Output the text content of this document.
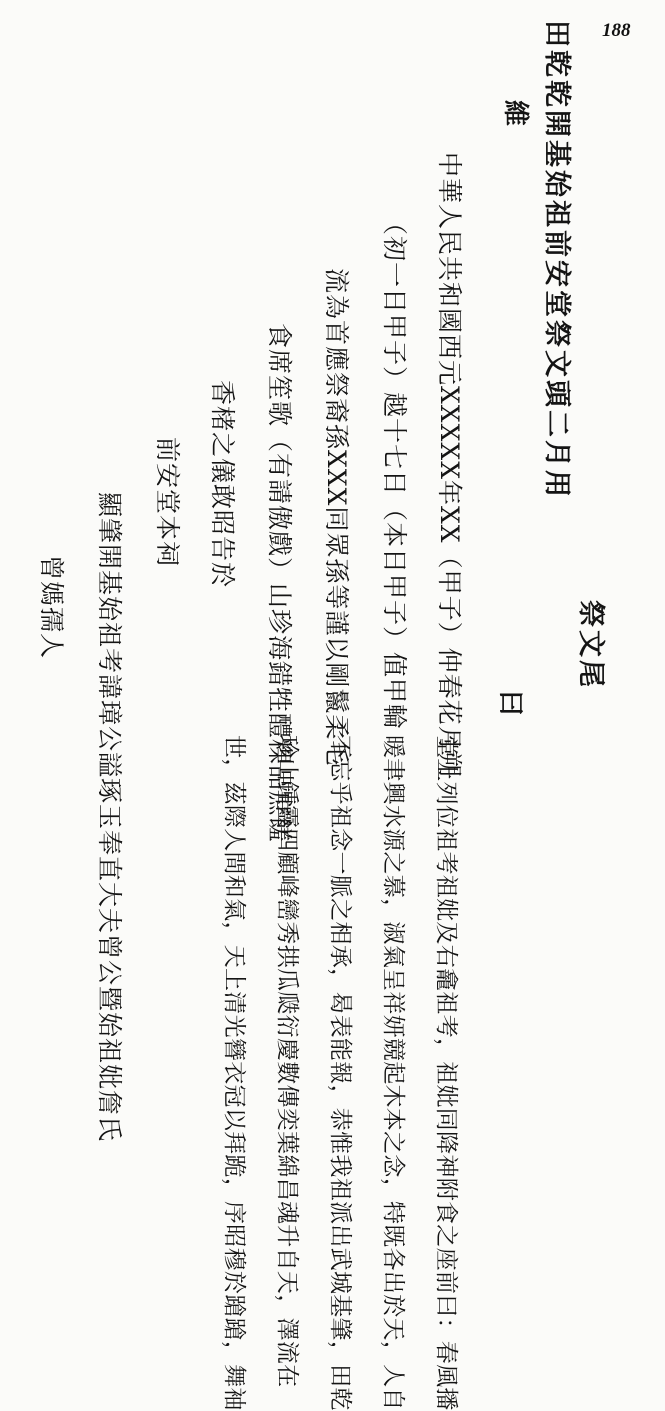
188
田乾乾開基始祖前安堂祭文頭二月用
維
中華人民共和國西元XXXXX年XX（甲子）仲春花月朔
（初一日甲子）越十七日（本日甲子）值甲輪
流為首應祭裔孫XXX同眾孫等謹以剛鬣柔毛
食席笙歌（有請傲戲）山珍海錯牲醴粿品庶饈
香楮之儀敢昭告於
前安堂本祠
顯肇開基始祖考諱璋公謚琢玉奉直大夫曾公暨始祖妣詹氏
曾媽孺人	祭文尾
曰
堂上列位祖考祖妣及右龕祖考，祖妣同降神附食之座前曰：春風播
暖聿興水源之慕，淑氣呈祥妍競起木本之念，特既各出於天，人自
不忘乎祖念一脈之相承，曷表能報，恭惟我祖派出武城基肇，田乾
珍山鍾靈四顧峰巒秀拱瓜瓞衍慶數傳奕葉綿昌魂升自天，澤流在
世，茲際人間和氣，天上清光簪衣冠以拜跪，序昭穆於蹌蹌，舞袖
